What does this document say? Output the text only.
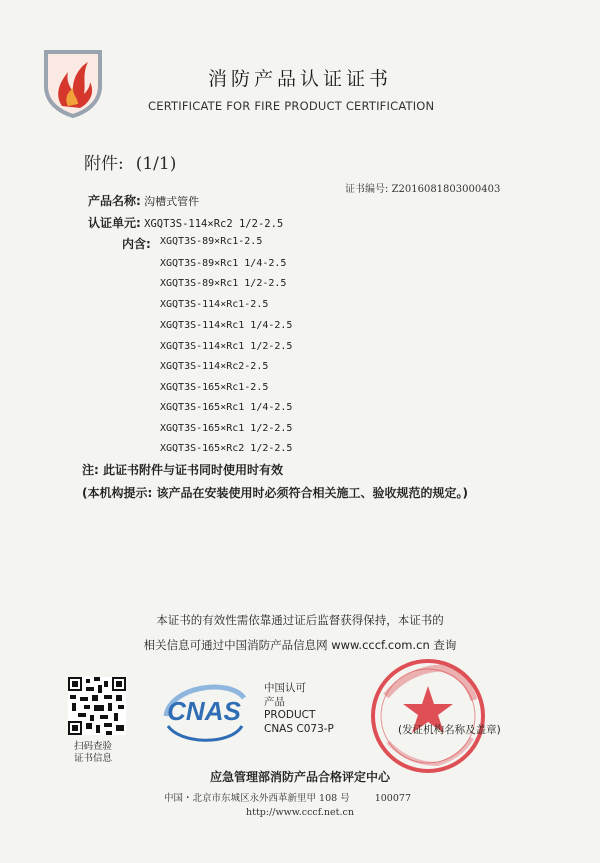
消防产品认证证书
CERTIFICATE FOR FIRE PRODUCT CERTIFICATION
附件: (1/1)
证书编号: Z2016081803000403
产品名称: 沟槽式管件
认证单元: XGQT3S-114×Rc2 1/2-2.5
内含: XGQT3S-89×Rc1-2.5
XGQT3S-89×Rc1 1/4-2.5
XGQT3S-89×Rc1 1/2-2.5
XGQT3S-114×Rc1-2.5
XGQT3S-114×Rc1 1/4-2.5
XGQT3S-114×Rc1 1/2-2.5
XGQT3S-114×Rc2-2.5
XGQT3S-165×Rc1-2.5
XGQT3S-165×Rc1 1/4-2.5
XGQT3S-165×Rc1 1/2-2.5
XGQT3S-165×Rc2 1/2-2.5
注: 此证书附件与证书同时使用时有效
(本机构提示: 该产品在安装使用时必须符合相关施工、验收规范的规定。)
本证书的有效性需依靠通过证后监督获得保持，本证书的
相关信息可通过中国消防产品信息网 www.cccf.com.cn 查询
扫码查验
证书信息
CNAS
中国认可
产品
PRODUCT
CNAS C073-P	(发证机构名称及盖章)
应急管理部消防产品合格评定中心
中国・北京市东城区永外西革新里甲 108 号	100077
http://www.cccf.net.cn
